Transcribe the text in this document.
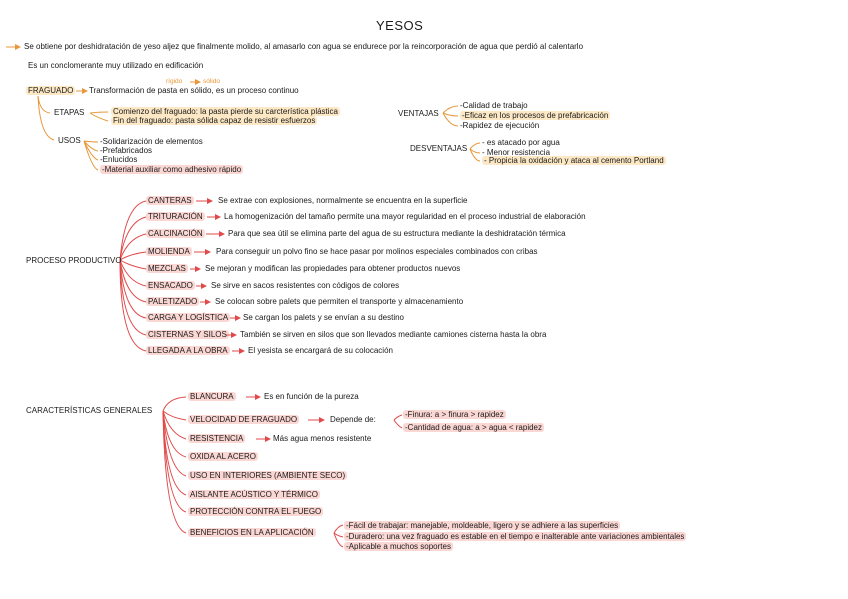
YESOS
Se obtiene por deshidratación de yeso aljez que finalmente molido, al amasarlo con agua se endurece por la reincorporación de agua que perdió al calentarlo
Es un conclomerante muy utilizado en edificación
FRAGUADO Transformación de pasta en sólido, es un proceso continuo
rígido	sólido
ETAPAS	Comienzo del fraguado: la pasta pierde su carcterística plástica
Fin del fraguado: pasta sólida capaz de resistir esfuerzos
USOS -Solidarización de elementos
-Prefabricados
-Enlucidos
-Material auxiliar como adhesivo rápido
VENTAJAS
-Calidad de trabajo
-Eficaz en los procesos de prefabricación
-Rapidez de ejecución
DESVENTAJAS
- es atacado por agua
- Menor resistencia
- Propicia la oxidación y ataca al cemento Portland
PROCESO PRODUCTIVO
CANTERAS	Se extrae con explosiones, normalmente se encuentra en la superficie
TRITURACIÓN	La homogenización del tamaño permite una mayor regularidad en el proceso industrial de elaboración
CALCINACIÓN	Para que sea útil se elimina parte del agua de su estructura mediante la deshidratación térmica
MOLIENDA	Para conseguir un polvo fino se hace pasar por molinos especiales combinados con cribas
MEZCLAS Se mejoran y modifican las propiedades para obtener productos nuevos
ENSACADO Se sirve en sacos resistentes con códigos de colores
PALETIZADO Se colocan sobre palets que permiten el transporte y almacenamiento
CARGA Y LOGÍSTICA Se cargan los palets y se envían a su destino
CISTERNAS Y SILOS También se sirven en silos que son llevados mediante camiones cisterna hasta la obra
LLEGADA A LA OBRA	El yesista se encargará de su colocación
CARACTERÍSTICAS GENERALES
BLANCURA	Es en función de la pureza
VELOCIDAD DE FRAGUADO	Depende de:
-Finura: a > finura > rapidez
-Cantidad de agua: a > agua < rapidez
RESISTENCIA	Más agua menos resistente
OXIDA AL ACERO
USO EN INTERIORES (AMBIENTE SECO)
AISLANTE ACÚSTICO Y TÉRMICO
PROTECCIÓN CONTRA EL FUEGO
BENEFICIOS EN LA APLICACIÓN
-Fácil de trabajar: manejable, moldeable, ligero y se adhiere a las superficies
-Duradero: una vez fraguado es estable en el tiempo e inalterable ante variaciones ambientales
-Aplicable a muchos soportes
